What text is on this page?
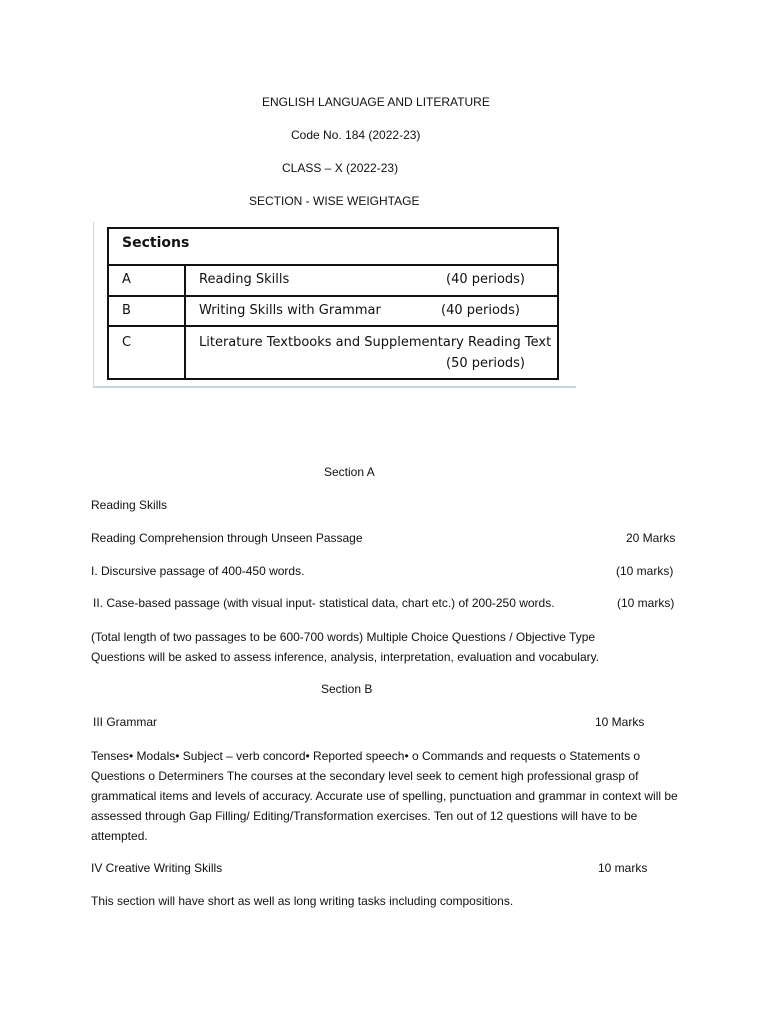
ENGLISH LANGUAGE AND LITERATURE
Code No. 184 (2022-23)
CLASS – X (2022-23)
SECTION - WISE WEIGHTAGE
Sections
A	Reading Skills	(40 periods)
B	Writing Skills with Grammar	(40 periods)
C	Literature Textbooks and Supplementary Reading Text
(50 periods)
Section A
Reading Skills
Reading Comprehension through Unseen Passage	20 Marks
I. Discursive passage of 400-450 words.	(10 marks)
II. Case-based passage (with visual input- statistical data, chart etc.) of 200-250 words.	(10 marks)
(Total length of two passages to be 600-700 words) Multiple Choice Questions / Objective Type Questions will be asked to assess inference, analysis, interpretation, evaluation and vocabulary.
Section B
III Grammar	10 Marks
Tenses• Modals• Subject – verb concord• Reported speech• o Commands and requests o Statements o Questions o Determiners The courses at the secondary level seek to cement high professional grasp of grammatical items and levels of accuracy. Accurate use of spelling, punctuation and grammar in context will be assessed through Gap Filling/ Editing/Transformation exercises. Ten out of 12 questions will have to be attempted.
IV Creative Writing Skills	10 marks
This section will have short as well as long writing tasks including compositions.
